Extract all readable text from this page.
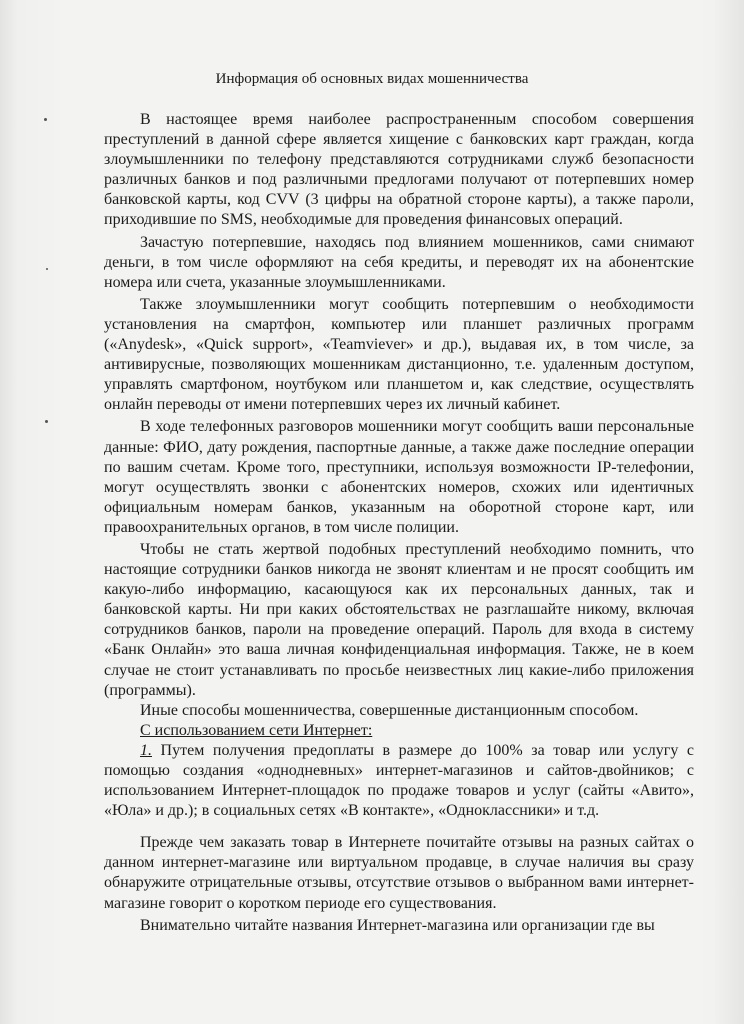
Информация об основных видах мошенничества

В настоящее время наиболее распространенным способом совершения преступлений в данной сфере является хищение с банковских карт граждан, когда злоумышленники по телефону представляются сотрудниками служб безопасности различных банков и под различными предлогами получают от потерпевших номер банковской карты, код CVV (3 цифры на обратной стороне карты), а также пароли, приходившие по SMS, необходимые для проведения финансовых операций.

Зачастую потерпевшие, находясь под влиянием мошенников, сами снимают деньги, в том числе оформляют на себя кредиты, и переводят их на абонентские номера или счета, указанные злоумышленниками.

Также злоумышленники могут сообщить потерпевшим о необходимости установления на смартфон, компьютер или планшет различных программ («Anydesk», «Quick support», «Teamviever» и др.), выдавая их, в том числе, за антивирусные, позволяющих мошенникам дистанционно, т.е. удаленным доступом, управлять смартфоном, ноутбуком или планшетом и, как следствие, осуществлять онлайн переводы от имени потерпевших через их личный кабинет.

В ходе телефонных разговоров мошенники могут сообщить ваши персональные данные: ФИО, дату рождения, паспортные данные, а также даже последние операции по вашим счетам. Кроме того, преступники, используя возможности IP-телефонии, могут осуществлять звонки с абонентских номеров, схожих или идентичных официальным номерам банков, указанным на оборотной стороне карт, или правоохранительных органов, в том числе полиции.

Чтобы не стать жертвой подобных преступлений необходимо помнить, что настоящие сотрудники банков никогда не звонят клиентам и не просят сообщить им какую-либо информацию, касающуюся как их персональных данных, так и банковской карты. Ни при каких обстоятельствах не разглашайте никому, включая сотрудников банков, пароли на проведение операций. Пароль для входа в систему «Банк Онлайн» это ваша личная конфиденциальная информация. Также, не в коем случае не стоит устанавливать по просьбе неизвестных лиц какие-либо приложения (программы).

Иные способы мошенничества, совершенные дистанционным способом.

С использованием сети Интернет:

1. Путем получения предоплаты в размере до 100% за товар или услугу с помощью создания «однодневных» интернет-магазинов и сайтов-двойников; с использованием Интернет-площадок по продаже товаров и услуг (сайты «Авито», «Юла» и др.); в социальных сетях «В контакте», «Одноклассники» и т.д.

Прежде чем заказать товар в Интернете почитайте отзывы на разных сайтах о данном интернет-магазине или виртуальном продавце, в случае наличия вы сразу обнаружите отрицательные отзывы, отсутствие отзывов о выбранном вами интернет-магазине говорит о коротком периоде его существования.

Внимательно читайте названия Интернет-магазина или организации где вы
